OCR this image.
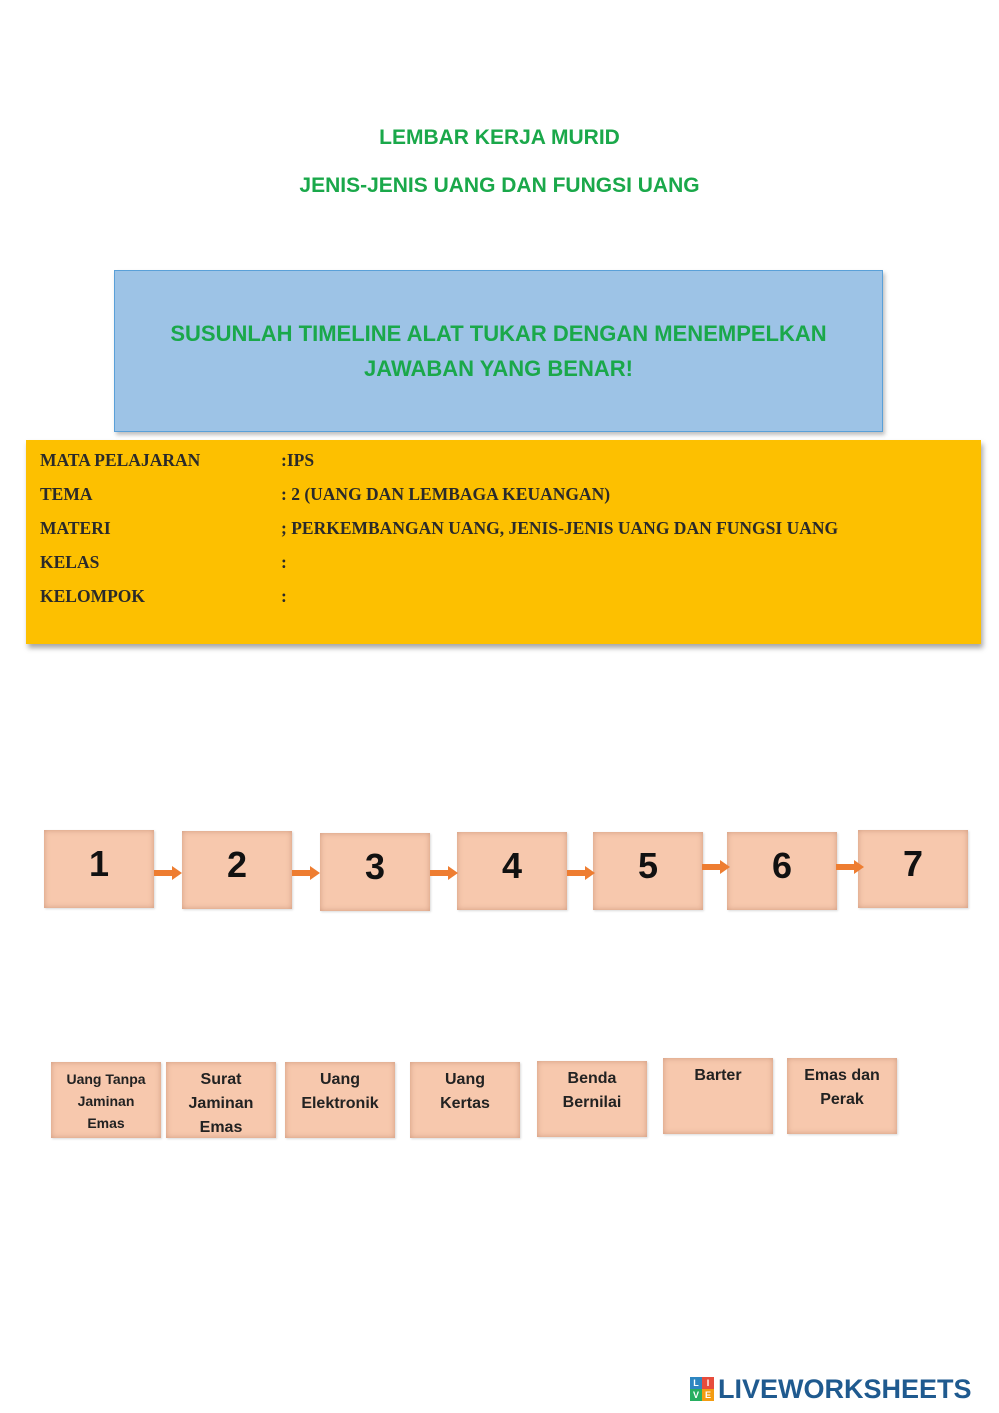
LEMBAR KERJA MURID
JENIS-JENIS UANG DAN FUNGSI UANG
SUSUNLAH TIMELINE ALAT TUKAR DENGAN MENEMPELKAN
JAWABAN YANG BENAR!
MATA PELAJARAN	:IPS
TEMA	: 2 (UANG DAN LEMBAGA KEUANGAN)
MATERI	; PERKEMBANGAN UANG, JENIS-JENIS UANG DAN FUNGSI UANG
KELAS	:
KELOMPOK	:
1	2	3	4	5	6	7
Uang Tanpa
Jaminan
Emas
Surat
Jaminan
Emas
Uang
Elektronik
Uang
Kertas
Benda
Bernilai
Barter	Emas dan
Perak
L I
V E LIVEWORKSHEETS
